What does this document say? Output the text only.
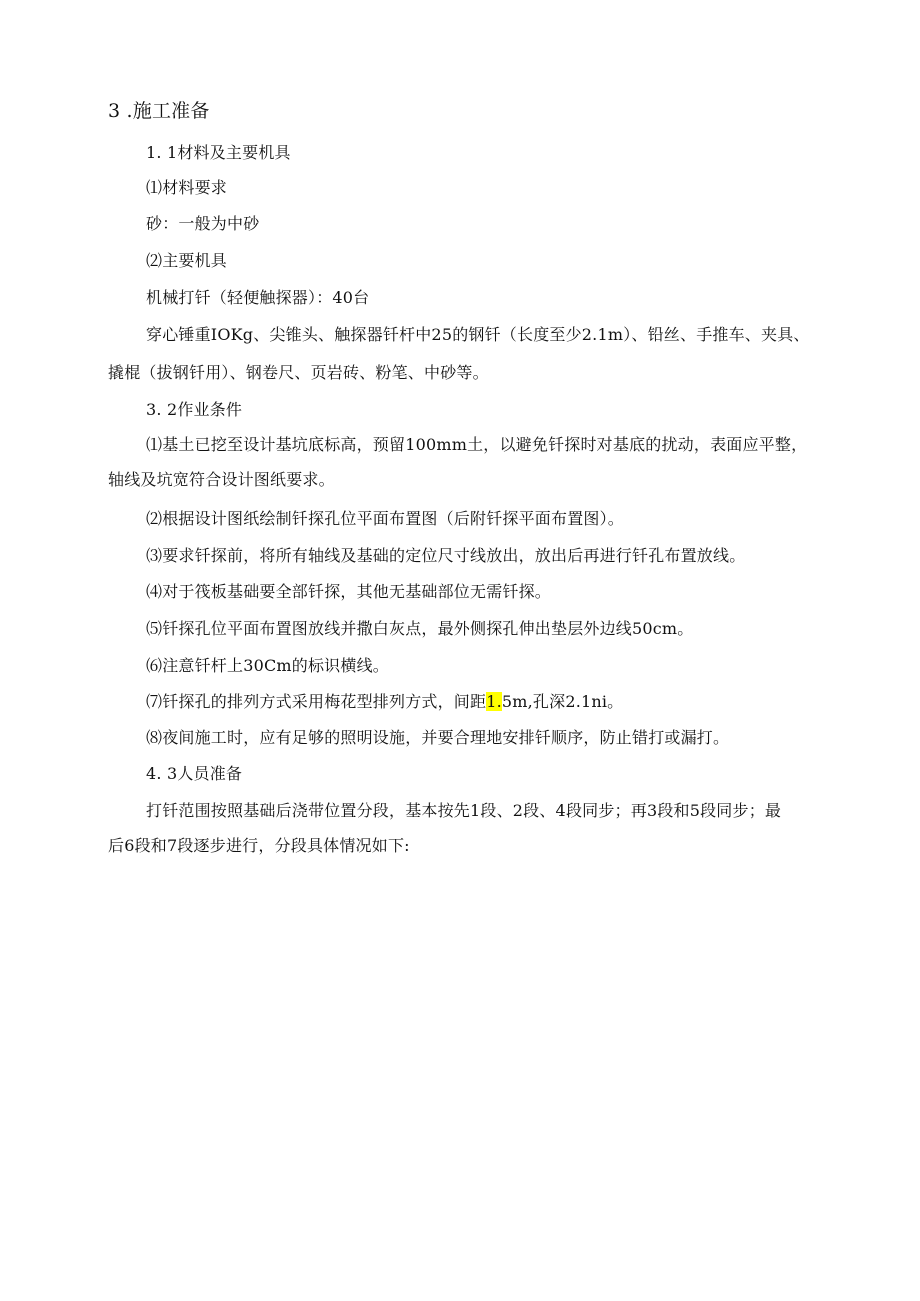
3 .施工准备
1. 1材料及主要机具
⑴材料要求
砂：一般为中砂
⑵主要机具
机械打钎（轻便触探器）：40台
穿心锤重IOKg、尖锥头、触探器钎杆中25的钢钎（长度至少2.1m）、铅丝、手推车、夹具、
撬棍（拔钢钎用）、钢卷尺、页岩砖、粉笔、中砂等。
3. 2作业条件
⑴基土已挖至设计基坑底标高，预留100mm土，以避免钎探时对基底的扰动，表面应平整，
轴线及坑宽符合设计图纸要求。
⑵根据设计图纸绘制钎探孔位平面布置图（后附钎探平面布置图）。
⑶要求钎探前，将所有轴线及基础的定位尺寸线放出，放出后再进行钎孔布置放线。
⑷对于筏板基础要全部钎探，其他无基础部位无需钎探。
⑸钎探孔位平面布置图放线并撒白灰点，最外侧探孔伸出垫层外边线50cm。
⑹注意钎杆上30Cm的标识横线。
⑺钎探孔的排列方式采用梅花型排列方式，间距1.5m,孔深2.1ni。
⑻夜间施工时，应有足够的照明设施，并要合理地安排钎顺序，防止错打或漏打。
4. 3人员准备
打钎范围按照基础后浇带位置分段，基本按先1段、2段、4段同步；再3段和5段同步；最
后6段和7段逐步进行，分段具体情况如下:
